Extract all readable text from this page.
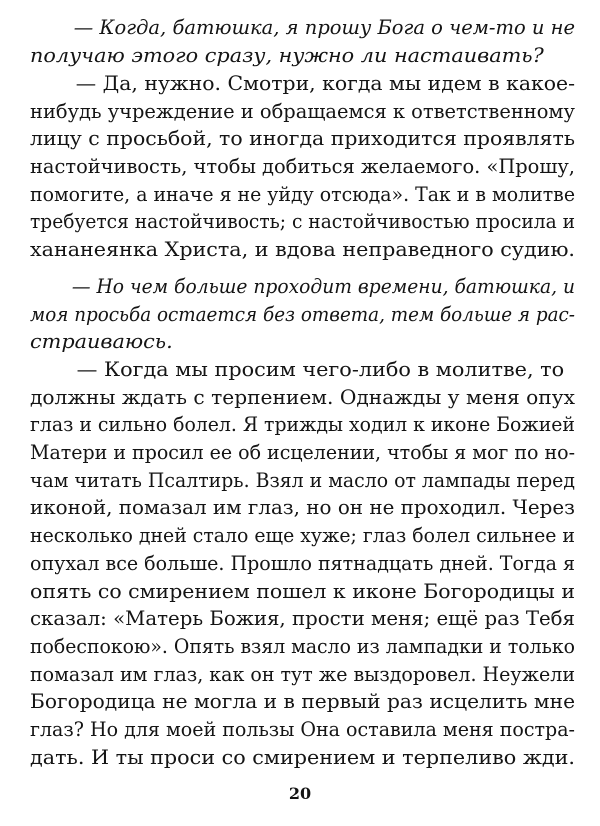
— Когда, батюшка, я прошу Бога о чем-то и не
получаю этого сразу, нужно ли настаивать?
— Да, нужно. Смотри, когда мы идем в какое-
нибудь учреждение и обращаемся к ответственному
лицу с просьбой, то иногда приходится проявлять
настойчивость, чтобы добиться желаемого. «Прошу,
помогите, а иначе я не уйду отсюда». Так и в молитве
требуется настойчивость; с настойчивостью просила и
хананеянка Христа, и вдова неправедного судию.
— Но чем больше проходит времени, батюшка, и
моя просьба остается без ответа, тем больше я рас-
страиваюсь.
— Когда мы просим чего-либо в молитве, то
должны ждать с терпением. Однажды у меня опух
глаз и сильно болел. Я трижды ходил к иконе Божией
Матери и просил ее об исцелении, чтобы я мог по но-
чам читать Псалтирь. Взял и масло от лампады перед
иконой, помазал им глаз, но он не проходил. Через
несколько дней стало еще хуже; глаз болел сильнее и
опухал все больше. Прошло пятнадцать дней. Тогда я
опять со смирением пошел к иконе Богородицы и
сказал: «Матерь Божия, прости меня; ещё раз Тебя
побеспокою». Опять взял масло из лампадки и только
помазал им глаз, как он тут же выздоровел. Неужели
Богородица не могла и в первый раз исцелить мне
глаз? Но для моей пользы Она оставила меня постра-
дать. И ты проси со смирением и терпеливо жди.
20
